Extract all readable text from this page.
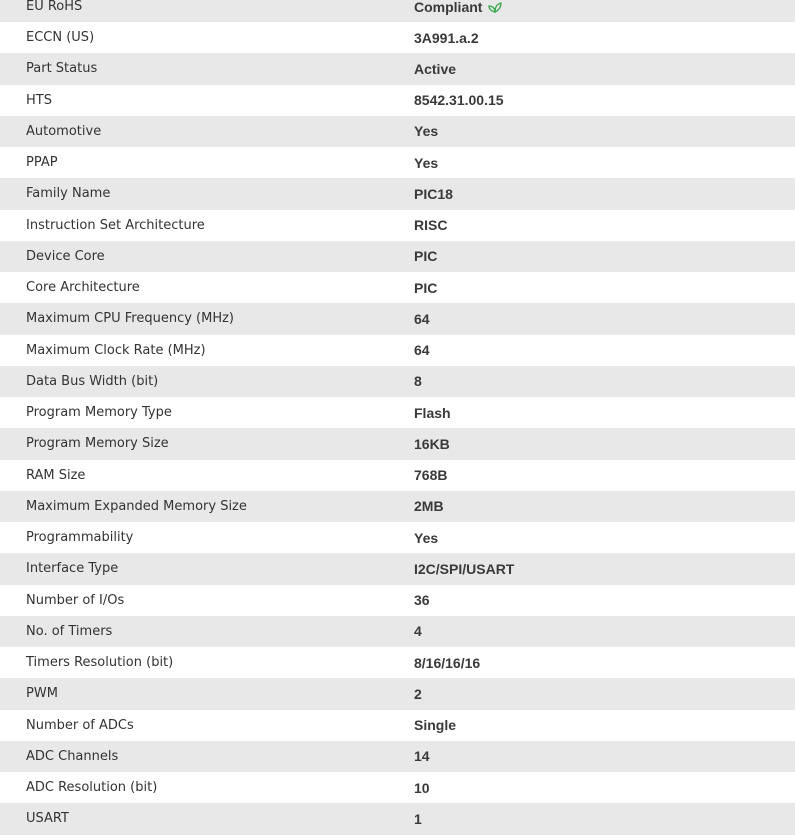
EU RoHS	Compliant
ECCN (US)	3A991.a.2
Part Status	Active
HTS	8542.31.00.15
Automotive	Yes
PPAP	Yes
Family Name	PIC18
Instruction Set Architecture	RISC
Device Core	PIC
Core Architecture	PIC
Maximum CPU Frequency (MHz)	64
Maximum Clock Rate (MHz)	64
Data Bus Width (bit)	8
Program Memory Type	Flash
Program Memory Size	16KB
RAM Size	768B
Maximum Expanded Memory Size	2MB
Programmability	Yes
Interface Type	I2C/SPI/USART
Number of I/Os	36
No. of Timers	4
Timers Resolution (bit)	8/16/16/16
PWM	2
Number of ADCs	Single
ADC Channels	14
ADC Resolution (bit)	10
USART	1
